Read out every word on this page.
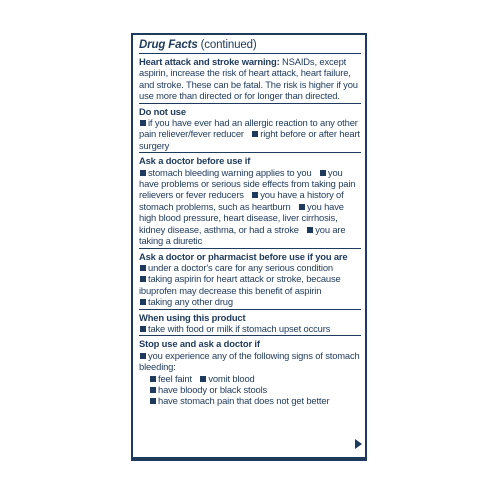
Drug Facts (continued)
Heart attack and stroke warning: NSAIDs, except aspirin, increase the risk of heart attack, heart failure, and stroke. These can be fatal. The risk is higher if you use more than directed or for longer than directed.
Do not use
if you have ever had an allergic reaction to any other pain reliever/fever reducer right before or after heart surgery
Ask a doctor before use if
stomach bleeding warning applies to you you have problems or serious side effects from taking pain relievers or fever reducers you have a history of stomach problems, such as heartburn you have high blood pressure, heart disease, liver cirrhosis, kidney disease, asthma, or had a stroke you are taking a diuretic
Ask a doctor or pharmacist before use if you are
under a doctor's care for any serious condition
taking aspirin for heart attack or stroke, because ibuprofen may decrease this benefit of aspirin
taking any other drug
When using this product
take with food or milk if stomach upset occurs
Stop use and ask a doctor if
you experience any of the following signs of stomach bleeding:
feel faint vomit blood
have bloody or black stools
have stomach pain that does not get better
